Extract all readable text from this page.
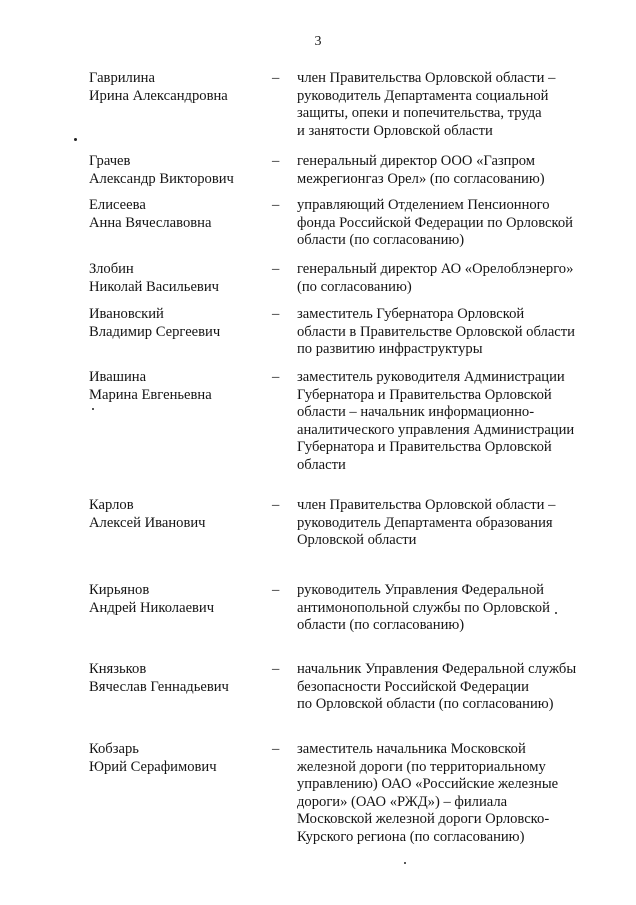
3
Гаврилина
Ирина Александровна
– член Правительства Орловской области –
руководитель Департамента социальной
защиты, опеки и попечительства, труда
и занятости Орловской области
Грачев
Александр Викторович
– генеральный директор ООО «Газпром
межрегионгаз Орел» (по согласованию)
Елисеева
Анна Вячеславовна
– управляющий Отделением Пенсионного
фонда Российской Федерации по Орловской
области (по согласованию)
Злобин
Николай Васильевич
– генеральный директор АО «Орелоблэнерго»
(по согласованию)
Ивановский
Владимир Сергеевич
– заместитель Губернатора Орловской
области в Правительстве Орловской области
по развитию инфраструктуры
Ивашина
Марина Евгеньевна
– заместитель руководителя Администрации
Губернатора и Правительства Орловской
области – начальник информационно-
аналитического управления Администрации
Губернатора и Правительства Орловской
области
Карлов
Алексей Иванович
– член Правительства Орловской области –
руководитель Департамента образования
Орловской области
Кирьянов
Андрей Николаевич
– руководитель Управления Федеральной
антимонопольной службы по Орловской
области (по согласованию)
Князьков
Вячеслав Геннадьевич
– начальник Управления Федеральной службы
безопасности Российской Федерации
по Орловской области (по согласованию)
Кобзарь
Юрий Серафимович
– заместитель начальника Московской
железной дороги (по территориальному
управлению) ОАО «Российские железные
дороги» (ОАО «РЖД») – филиала
Московской железной дороги Орловско-
Курского региона (по согласованию)
